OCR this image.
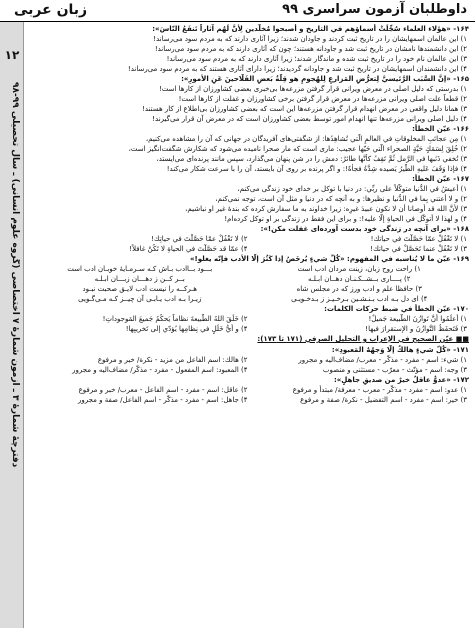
داوطلبان آزمون سراسری ۹۹
زبان عربی
۱۲
دفترچهٔ شمارهٔ ۳ ـ آزمون شمارهٔ ۷ اختصاصی (گروه علوم انسانی) ـ سال تحصیلی ۹۹-۹۸
۱۶۴- «هؤلاء العلماء سُجِّلَتْ أسماؤهم في التاريخ و أصبحوا مُخلَّدين لِأنَّ لَهُم آثاراً تَنفَعُ النّاسَ»:
۱) این عالمان اسمهایشان را در تاریخ ثبت کردند و جاودان شدند؛ زیرا آثاری دارند که به مردم سود می‌رساند!
۲) این دانشمندها نامشان در تاریخ ثبت شد و جاودانه هستند؛ چون که آثاری دارند که به مردم سود می‌رساند!
۳) این عالمان نام خود را در تاریخ ثبت شده و ماندگار شدند؛ زیرا آثاری دارند که به مردم سود می‌رساند!
۴) این دانشمندان اسمهایشان در تاریخ ثبت شد و جاودانه گردیدند؛ زیرا دارای آثاری هستند که به مردم سود می‌رساند!
۱۶۵- «إنَّ السَّبَب الرَّئيسيَّ لِتعرُّضِ المَزارعِ لِلهُجومِ هو قِلَّةُ بَعضِ الفَلّاحينَ عَنِ الأُمورِ»:
۱) بدرستی که دلیل اصلی در معرض ویرانی قرار گرفتن مزرعه‌ها بی‌خبری بعضی کشاورزان از کارها است!
۲) قطعاً علت اصلی ویرانی مزرعه‌ها در معرض قرار گرفتن برخی کشاورزان و غفلت از کارها است!
۳) همانا دلیل واقعی در معرض انهدام قرار گرفتن مزرعه‌ها این است که بعضی کشاورزان بی‌اطلاع از کار هستند!
۴) دلیل اصلی ویرانی مزرعه‌ها تنها انهدام امور توسط بعضی کشاورزان است که در معرض آن قرار می‌گیرند!
۱۶۶- عيّن الخطأ:
۱) مِن عجائبِ المخلوقاتِ في العالمِ الّتي تُشاهِدُها: از شگفتی‌های آفریدگان در جهانی که آن را مشاهده می‌کنیم،
۲) خُلِقَ لِسَمَكٍ حَيَّةٍ الصحراء الّتي حَيّها عجيب: ماری است که مار صحرا نامیده می‌شود که شکارش شگفت‌انگیز است،
۳) تُخفي ذَنَبها في الرَّمل ثُمَّ تَقِفُ كأنَّها طائرٌ: دمش را در شن پنهان می‌گذارد، سپس مانند پرنده‌ای می‌ایستد،
۴) فإذا وَقَفَ عَليهِ الطّيرُ يَصيده شِدَّةُ فجأةً!: و اگر پرنده بر روی آن بایستد، آن را با سرعت شکار می‌کند!
۱۶۷- عيّن الخطأ:
۱) أعيشُ في الدُّنيا متوكِّلاً على ربِّي: در دنیا با توکل بر خدای خود زندگی می‌کنم،
۲) و لا أعتني بِما في الدُّنيا و نظيرها: و به آنچه که در دنیا و مثل آن است، توجه نمی‌کنم،
۳) لأنَّ الله قد أوصانا أن لا نكون عبيدَ غيرِه: زیرا خداوند به ما سفارش کرده که بندهٔ غیر او نباشیم،
۴) و لهذا لا أتوكّل في الحياةِ إلّا عليه!: و برای این فقط در زندگی بر او توکل کرده‌ام!
۱۶۸- «برای آنچه در زندگی خود بدست آورده‌ای غفلت مکن!»:
۱) لا تَغْفُلْ عمّا حَصَّلْتَ في حياتك!
۲) لا تَغْفُلْ عمّا حَصَّلْتَ في حياتِك!
۳) لا تَغْفُلْ عنما تَحَصَّلْ في حياتك!
۴) عمّا قد حَصَّلْتَ في الحياةِ لا تَكُنْ غافلاً!
۱۶۹- عيّن ما لا يُناسبه في المفهوم: «كُلُّ شيءٍ يُرخَصُ إذا كَثُرَ إلّا الأدب فإنّه يغلو!»
۱) راحت روح زبان، زینت مردان ادب است
بـــود بــاادب بـاش كـه سـرمـايهٔ خوبـان ادب است
۲) پــــاری بــشــكـنـان دهــان ابـلـه
بــر كــن ز دهـــان زبـــان ابـلـه
۳) حافظا علم و ادب ورز كه در مجلس شاه
هـركــه را نيست ادب لايـق صحبت نبـود
۴) اى دل بـه ادب بـنـشـين بـرخـيـز ز بـدخـويـى
زيـرا بـه ادب يـابـى آن چيــز كـه مـى‌گـويى
۱۷۰- عيّن الخطأ في ضبط حركات الكلمات:
۱) أعلَمُوا أنَّ تَوازُنَ الطَّبيعة جَميلٌ!
۲) خَلَقَ اللهُ الطَّبيعةَ نظاماً يَحكُمُ جَميعَ المَوجوداتِ!
۳) فَتَحفَظُ التَّوازُنَ و الإستقرارَ فيها!
۴) و أيُّ خَلَلٍ في نِظامِها يُؤدّي إلى تَخريبِها!
■■ عيّن الصحيح في الإعراب و التحليل الصرفي (۱۷۱ تا ۱۷۳):
۱۷۱- «كُلّ شيءٍ هالكٌ إلّا وَجهُهُ المَعبودِ»:
۱) شيء: اسم - مفرد - مذكّر - معرب/ مضاف‌اليه و مجرور
۲) هالك: اسم الفاعل من مزيد - نكرة/ خبر و مرفوع
۳) وجه: اسم - مؤنّث - معرّب - مستثنى و منصوب
۴) المعبود: اسم المفعول - مفرد - مذكّر/ مضاف‌اليه و مجرور
۱۷۲- «عدوٌّ عاقلٌ خيرٌ من صديقٍ جاهلٍ»:
۱) عدو: اسم - مفرد - مذكّر - معرب - معرفة/ مبتدأ و مرفوع
۲) عاقل: اسم - مفرد - اسم الفاعل - معرب/ خبر و مرفوع
۳) خير: اسم - مفرد - اسم التفضيل - نكرة/ صفة و مرفوع
۴) جاهل: اسم - مفرد - مذكّر - اسم الفاعل/ صفة و مجرور
